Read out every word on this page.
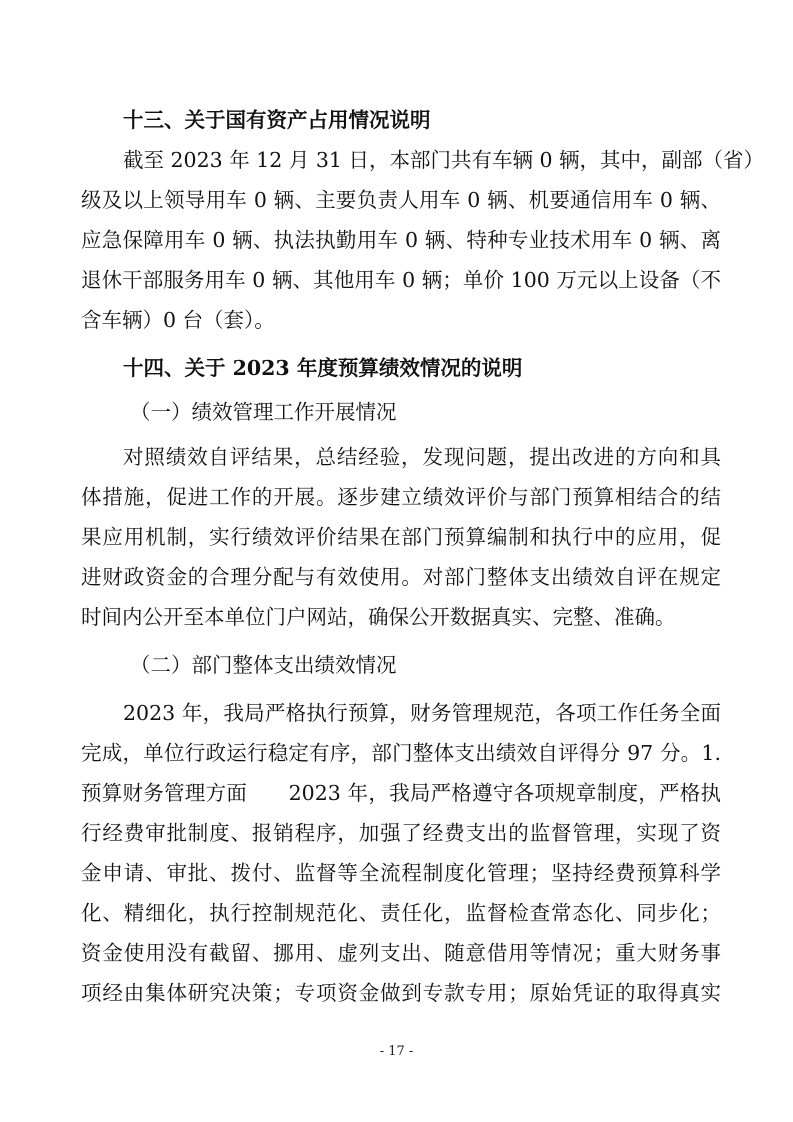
十三、关于国有资产占用情况说明
截至 2023 年 12 月 31 日，本部门共有车辆 0 辆，其中，副部（省）
级及以上领导用车 0 辆、主要负责人用车 0 辆、机要通信用车 0 辆、
应急保障用车 0 辆、执法执勤用车 0 辆、特种专业技术用车 0 辆、离
退休干部服务用车 0 辆、其他用车 0 辆；单价 100 万元以上设备（不
含车辆）0 台（套）。
十四、关于 2023 年度预算绩效情况的说明
（一）绩效管理工作开展情况
对照绩效自评结果，总结经验，发现问题，提出改进的方向和具
体措施，促进工作的开展。逐步建立绩效评价与部门预算相结合的结
果应用机制，实行绩效评价结果在部门预算编制和执行中的应用，促
进财政资金的合理分配与有效使用。对部门整体支出绩效自评在规定
时间内公开至本单位门户网站，确保公开数据真实、完整、准确。
（二）部门整体支出绩效情况
2023 年，我局严格执行预算，财务管理规范，各项工作任务全面
完成，单位行政运行稳定有序，部门整体支出绩效自评得分 97 分。1.
预算财务管理方面　　2023 年，我局严格遵守各项规章制度，严格执
行经费审批制度、报销程序，加强了经费支出的监督管理，实现了资
金申请、审批、拨付、监督等全流程制度化管理；坚持经费预算科学
化、精细化，执行控制规范化、责任化，监督检查常态化、同步化；
资金使用没有截留、挪用、虚列支出、随意借用等情况；重大财务事
项经由集体研究决策；专项资金做到专款专用；原始凭证的取得真实
- 17 -
